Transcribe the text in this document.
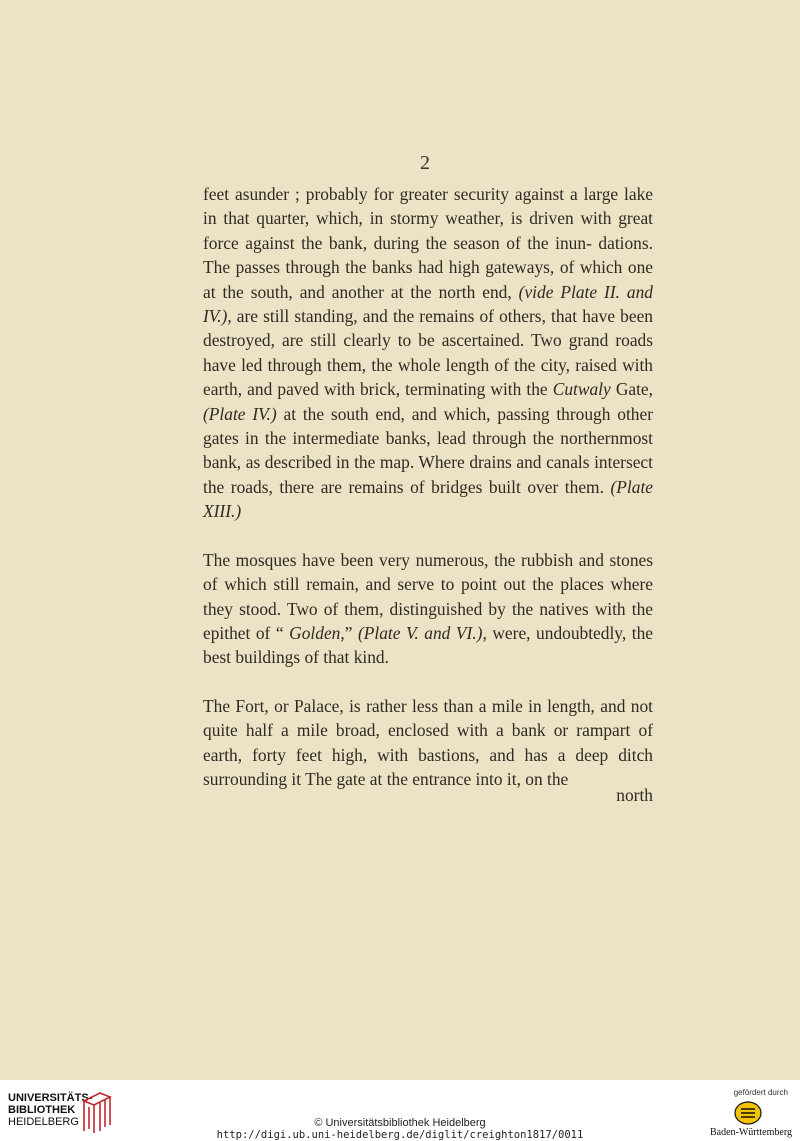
2

feet asunder ; probably for greater security against a large lake in that quarter, which, in stormy weather, is driven with great force against the bank, during the season of the inun- dations. The passes through the banks had high gateways, of which one at the south, and another at the north end, (vide Plate II. and IV.), are still standing, and the remains of others, that have been destroyed, are still clearly to be ascertained. Two grand roads have led through them, the whole length of the city, raised with earth, and paved with brick, terminating with the Cutwaly Gate, (Plate IV.) at the south end, and which, passing through other gates in the intermediate banks, lead through the northernmost bank, as described in the map. Where drains and canals intersect the roads, there are remains of bridges built over them. (Plate XIII.)

The mosques have been very numerous, the rubbish and stones of which still remain, and serve to point out the places where they stood. Two of them, distinguished by the natives with the epithet of “ Golden,” (Plate V. and VI.), were, undoubtedly, the best buildings of that kind.

The Fort, or Palace, is rather less than a mile in length, and not quite half a mile broad, enclosed with a bank or rampart of earth, forty feet high, with bastions, and has a deep ditch surrounding it The gate at the entrance into it, on the

north
UNIVERSITÄTS-
BIBLIOTHEK
HEIDELBERG	© Universitätsbibliothek Heidelberg
http://digi.ub.uni-heidelberg.de/diglit/creighton1817/0011
gefördert durch
Baden-Württemberg
